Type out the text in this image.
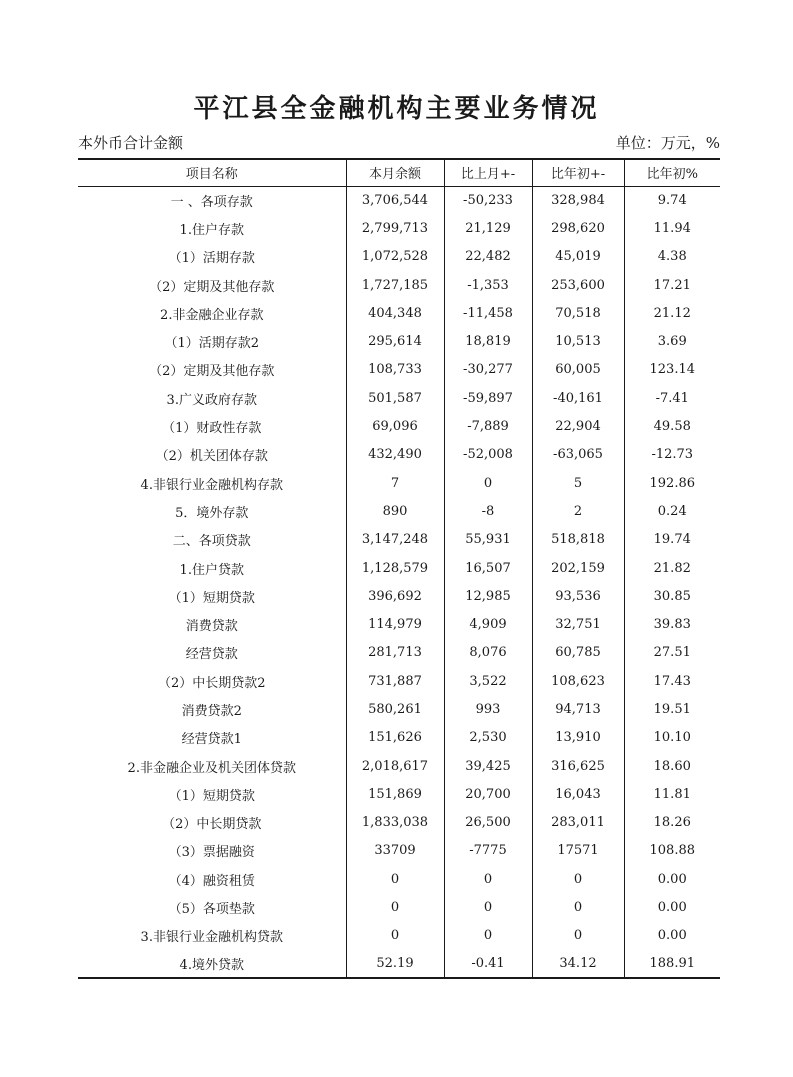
平江县全金融机构主要业务情况
本外币合计金额	单位：万元，%
项目名称	本月余额	比上月+-	比年初+-	比年初%
一 、各项存款	3,706,544	-50,233	328,984	9.74
1.住户存款	2,799,713	21,129	298,620	11.94
（1）活期存款	1,072,528	22,482	45,019	4.38
（2）定期及其他存款	1,727,185	-1,353	253,600	17.21
2.非金融企业存款	404,348	-11,458	70,518	21.12
（1）活期存款2	295,614	18,819	10,513	3.69
（2）定期及其他存款	108,733	-30,277	60,005	123.14
3.广义政府存款	501,587	-59,897	-40,161	-7.41
（1）财政性存款	69,096	-7,889	22,904	49.58
（2）机关团体存款	432,490	-52,008	-63,065	-12.73
4.非银行业金融机构存款	7	0	5	192.86
5．境外存款	890	-8	2	0.24
二、各项贷款	3,147,248	55,931	518,818	19.74
1.住户贷款	1,128,579	16,507	202,159	21.82
（1）短期贷款	396,692	12,985	93,536	30.85
消费贷款	114,979	4,909	32,751	39.83
经营贷款	281,713	8,076	60,785	27.51
（2）中长期贷款2	731,887	3,522	108,623	17.43
消费贷款2	580,261	993	94,713	19.51
经营贷款1	151,626	2,530	13,910	10.10
2.非金融企业及机关团体贷款	2,018,617	39,425	316,625	18.60
（1）短期贷款	151,869	20,700	16,043	11.81
（2）中长期贷款	1,833,038	26,500	283,011	18.26
（3）票据融资	33709	-7775	17571	108.88
（4）融资租赁	0	0	0	0.00
（5）各项垫款	0	0	0	0.00
3.非银行业金融机构贷款	0	0	0	0.00
4.境外贷款	52.19	-0.41	34.12	188.91
